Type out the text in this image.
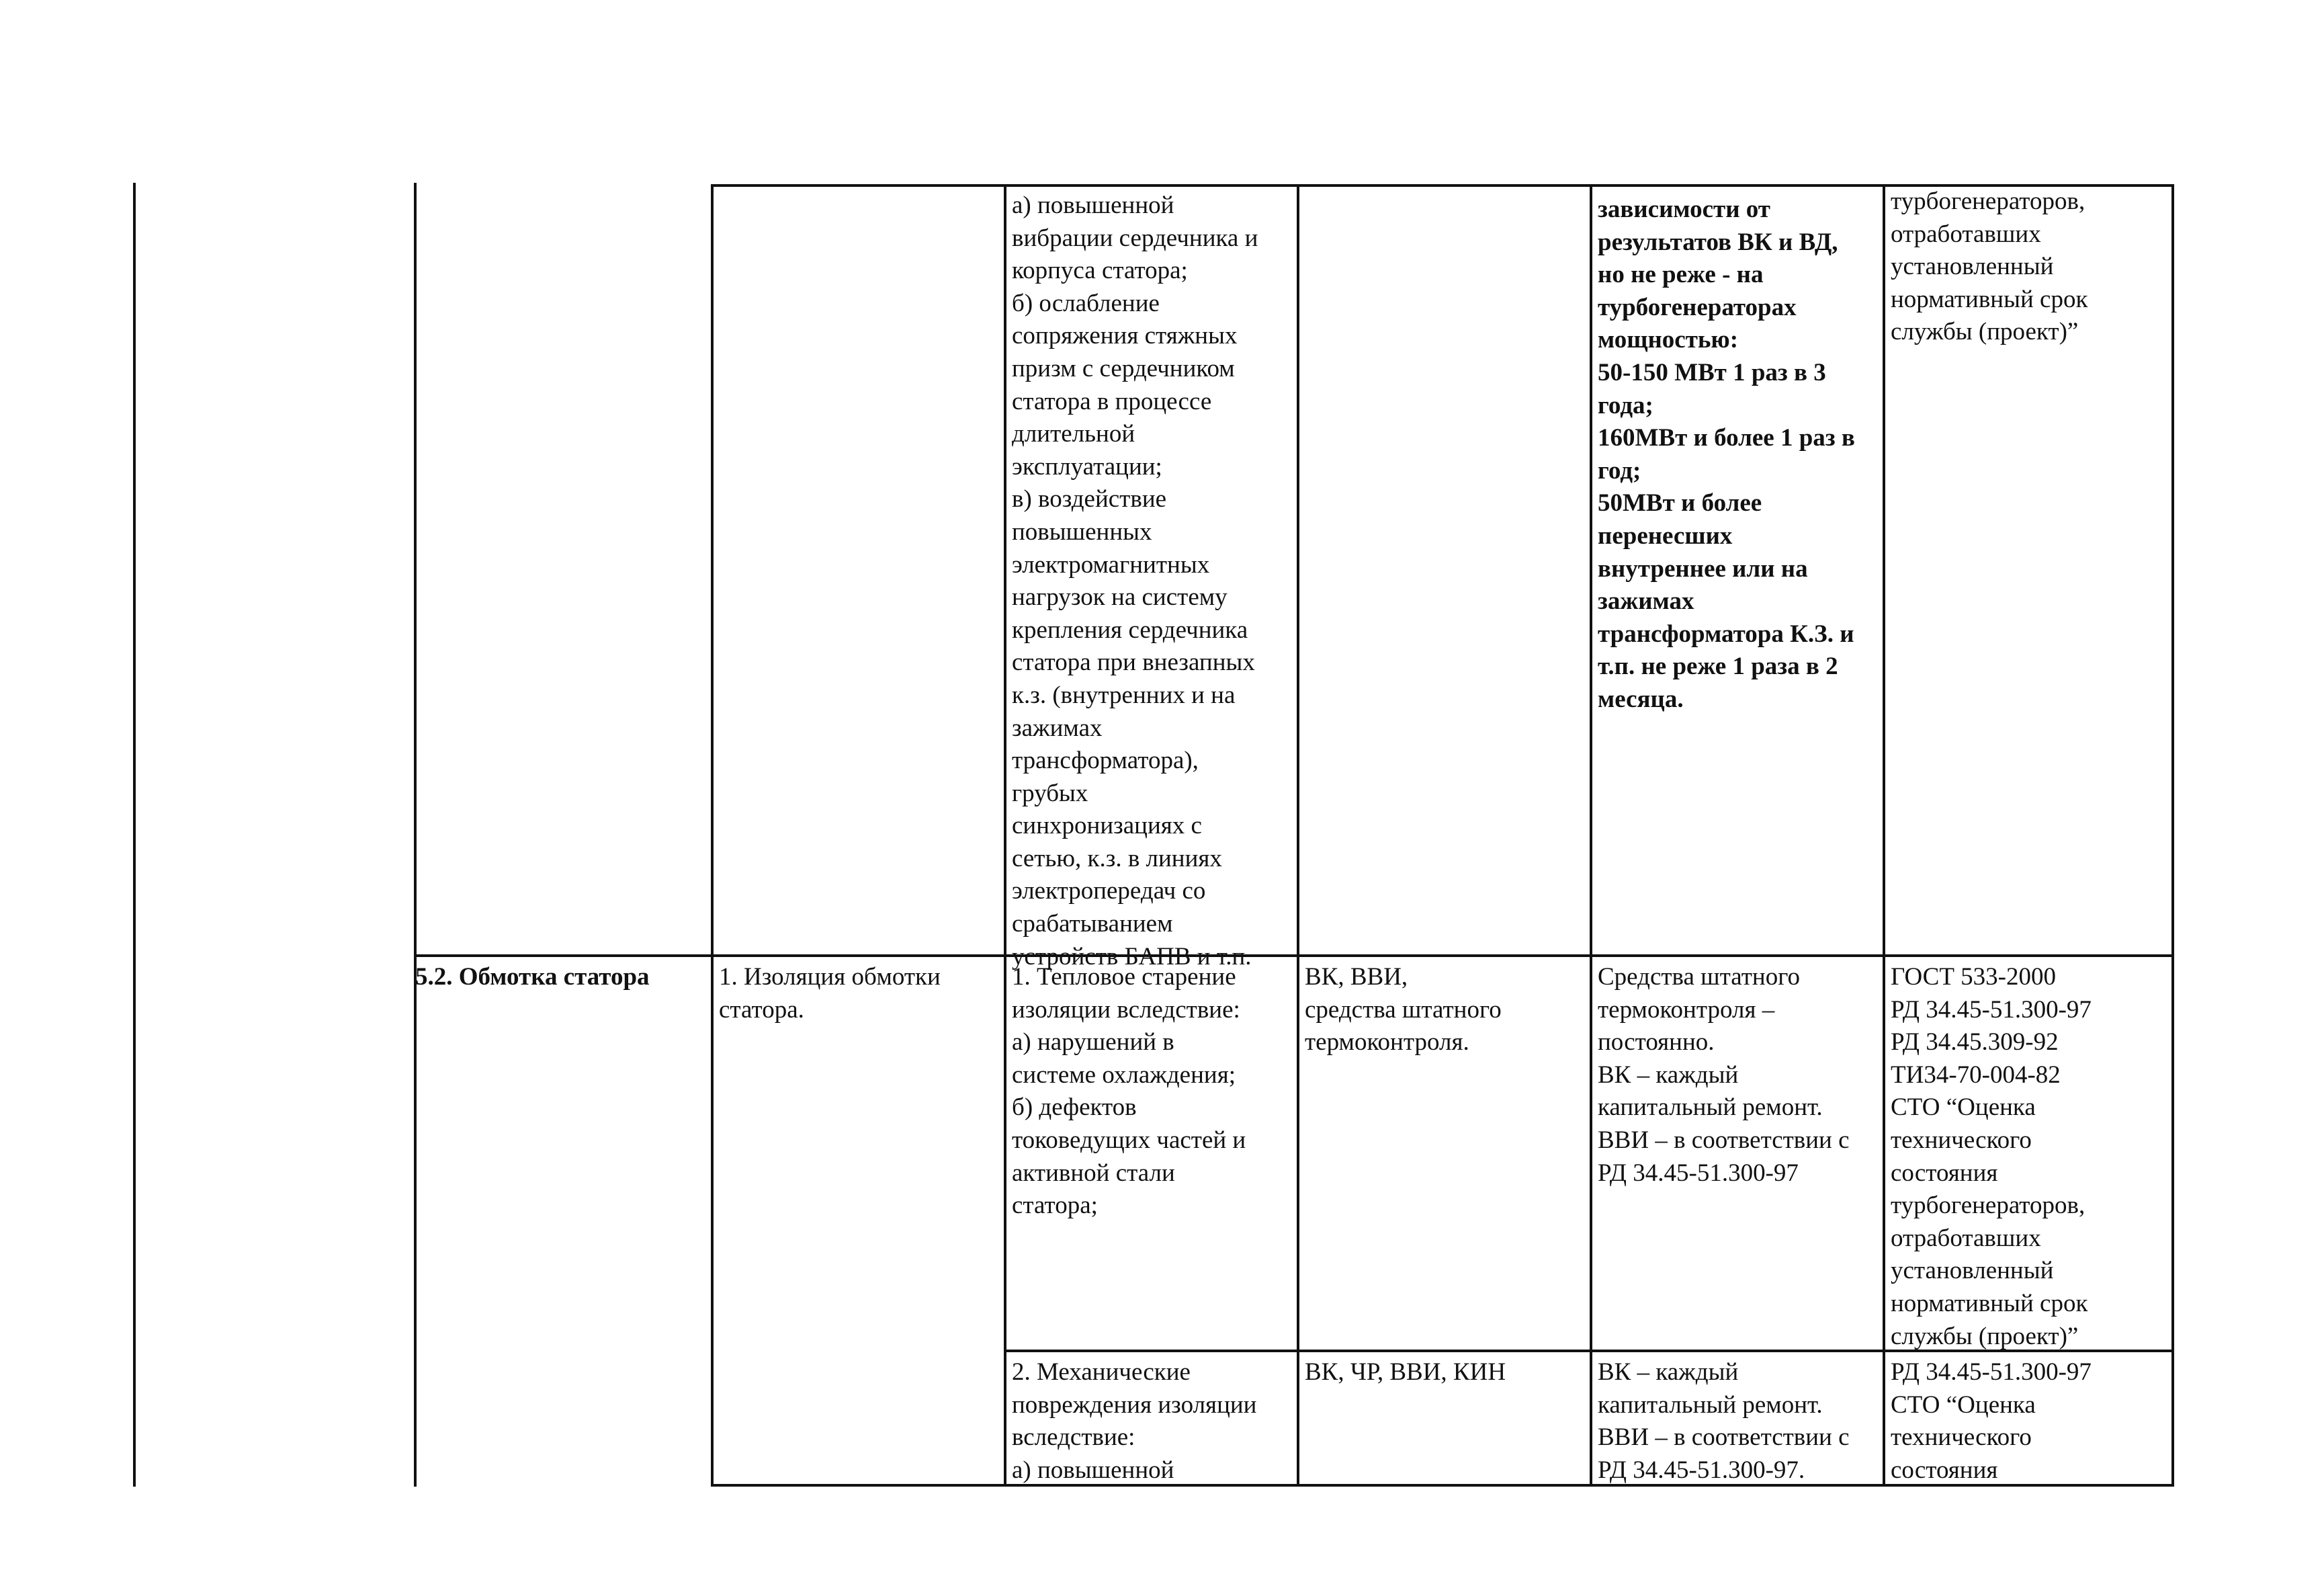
а) повышенной
вибрации сердечника и
корпуса статора;
б) ослабление
сопряжения стяжных
призм с сердечником
статора в процессе
длительной
эксплуатации;
в) воздействие
повышенных
электромагнитных
нагрузок на систему
крепления сердечника
статора при внезапных
к.з. (внутренних и на
зажимах
трансформатора),
грубых
синхронизациях с
сетью, к.з. в линиях
электропередач со
срабатыванием
устройств БАПВ и т.п.
зависимости от
результатов ВК и ВД,
но не реже - на
турбогенераторах
мощностью:
50-150 МВт 1 раз в 3
года;
160МВт и более 1 раз в
год;
50МВт и более
перенесших
внутреннее или на
зажимах
трансформатора К.З. и
т.п. не реже 1 раза в 2
месяца.
турбогенераторов,
отработавших
установленный
нормативный срок
службы (проект)”
5.2. Обмотка статора	1. Изоляция обмотки
статора.
1. Тепловое старение
изоляции вследствие:
а) нарушений в
системе охлаждения;
б) дефектов
токоведущих частей и
активной стали
статора;
ВК, ВВИ,
средства штатного
термоконтроля.
Средства штатного
термоконтроля –
постоянно.
ВК – каждый
капитальный ремонт.
ВВИ – в соответствии с
РД 34.45-51.300-97
ГОСТ 533-2000
РД 34.45-51.300-97
РД 34.45.309-92
ТИ34-70-004-82
СТО “Оценка
технического
состояния
турбогенераторов,
отработавших
установленный
нормативный срок
службы (проект)”
2. Механические
повреждения изоляции
вследствие:
а) повышенной
ВК, ЧР, ВВИ, КИН	ВК – каждый
капитальный ремонт.
ВВИ – в соответствии с
РД 34.45-51.300-97.
РД 34.45-51.300-97
СТО “Оценка
технического
состояния
